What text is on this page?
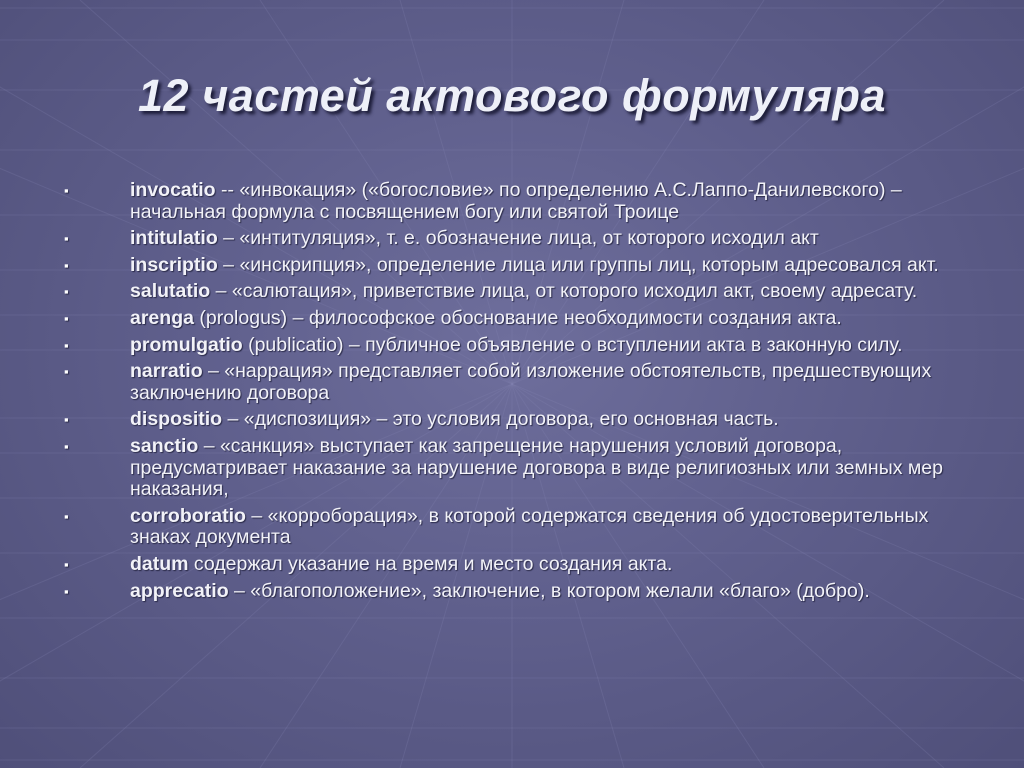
12 частей актового формуляра
▪	invocatio -- «инвокация» («богословие» по определению А.С.Лаппо-Данилевского) – начальная формула с посвящением богу или святой Троице
▪	intitulatio – «интитуляция», т. е. обозначение лица, от которого исходил акт
▪	inscriptio – «инскрипция», определение лица или группы лиц, которым адресовался акт.
▪	salutatio – «салютация», приветствие лица, от которого исходил акт, своему адресату.
▪	arenga (prologus) – философское обоснование необходимости создания акта.
▪	promulgatio (publicatio) – публичное объявление о вступлении акта в законную силу.
▪	narratio – «наррация» представляет собой изложение обстоятельств, предшествующих заключению договора
▪	dispositio – «диспозиция» – это условия договора, его основная часть.
▪	sanctio – «санкция» выступает как запрещение нарушения условий договора, предусматривает наказание за нарушение договора в виде религиозных или земных мер наказания,
▪	corroboratio – «корроборация», в которой содержатся сведения об удостоверительных знаках документа
▪	datum содержал указание на время и место создания акта.
▪	apprecatio – «благоположение», заключение, в котором желали «благо» (добро).
